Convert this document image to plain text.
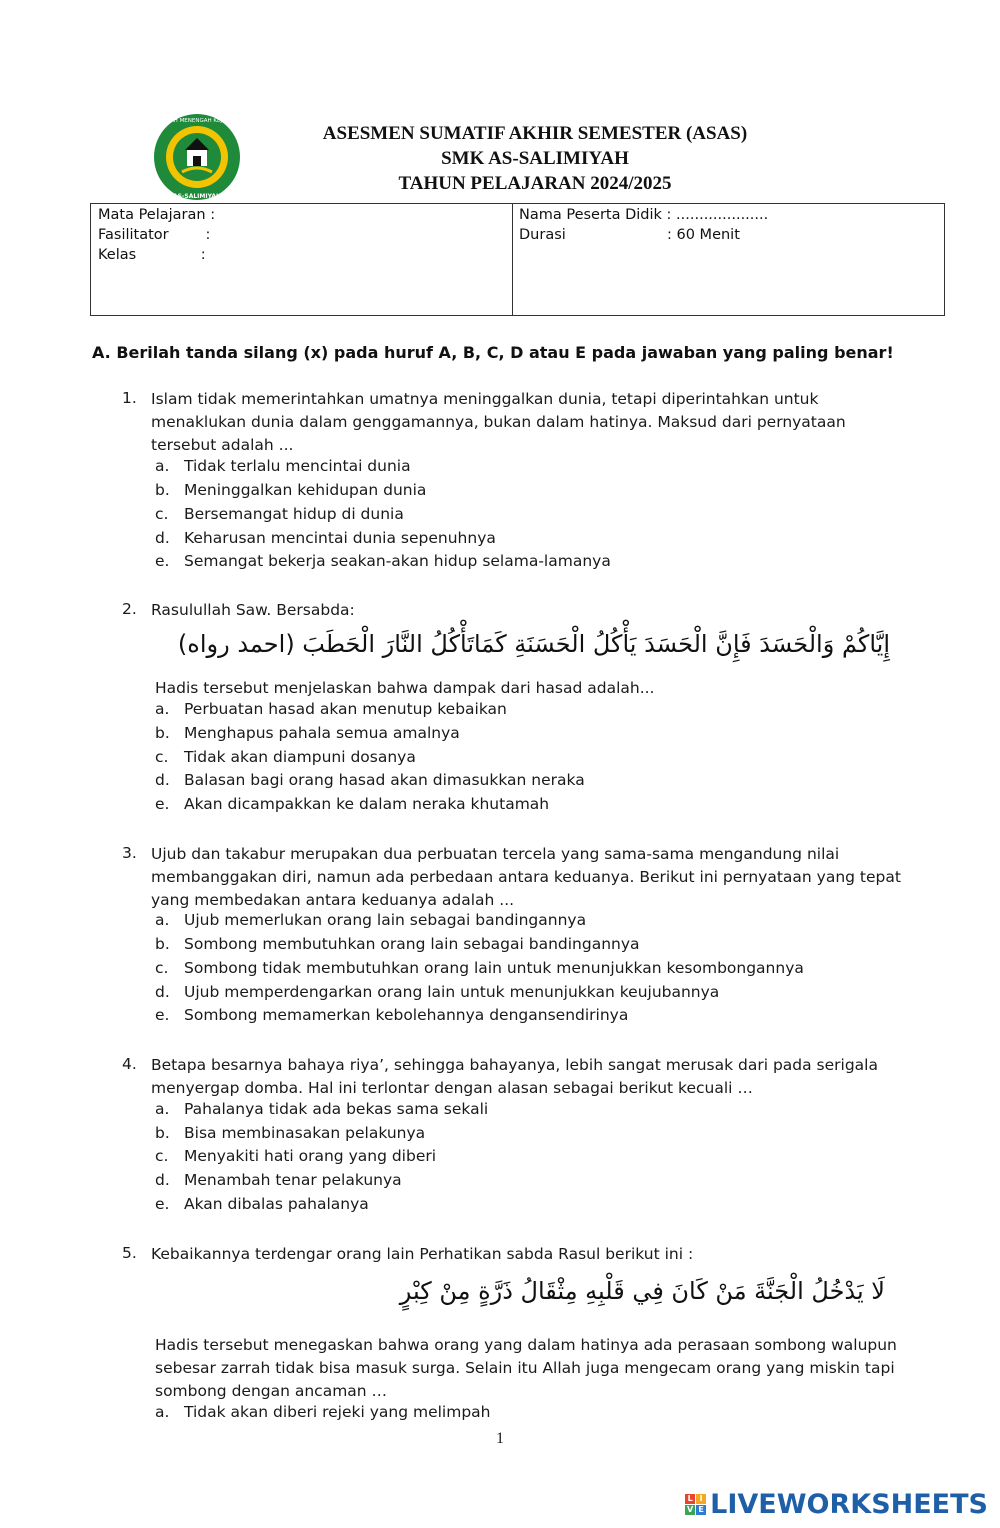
SEKOLAH MENENGAH KEJURUAN
AS-SALIMIYAH
ASESMEN SUMATIF AKHIR SEMESTER (ASAS)
SMK AS-SALIMIYAH
TAHUN PELAJARAN 2024/2025
Mata Pelajaran :
Fasilitator        :
Kelas              :
Nama Peserta Didik : ....................
Durasi	: 60 Menit
A. Berilah tanda silang (x) pada huruf A, B, C, D atau E pada jawaban yang paling benar!
1. Islam tidak memerintahkan umatnya meninggalkan dunia, tetapi diperintahkan untuk menaklukan dunia dalam genggamannya, bukan dalam hatinya. Maksud dari pernyataan tersebut adalah ...
a. Tidak terlalu mencintai dunia
b. Meninggalkan kehidupan dunia
c. Bersemangat hidup di dunia
d. Keharusan mencintai dunia sepenuhnya
e. Semangat bekerja seakan-akan hidup selama-lamanya
2. Rasulullah Saw. Bersabda:
إِيَّاكُمْ وَالْحَسَدَ فَإِنَّ الْحَسَدَ يَأْكُلُ الْحَسَنَةِ كَمَاتَأْكُلُ النَّارَ الْحَطَبَ (احمد رواه)
Hadis tersebut menjelaskan bahwa dampak dari hasad adalah...
a. Perbuatan hasad akan menutup kebaikan
b. Menghapus pahala semua amalnya
c. Tidak akan diampuni dosanya
d. Balasan bagi orang hasad akan dimasukkan neraka
e. Akan dicampakkan ke dalam neraka khutamah
3. Ujub dan takabur merupakan dua perbuatan tercela yang sama-sama mengandung nilai membanggakan diri, namun ada perbedaan antara keduanya. Berikut ini pernyataan yang tepat yang membedakan antara keduanya adalah ...
a. Ujub memerlukan orang lain sebagai bandingannya
b. Sombong membutuhkan orang lain sebagai bandingannya
c. Sombong tidak membutuhkan orang lain untuk menunjukkan kesombongannya
d. Ujub memperdengarkan orang lain untuk menunjukkan keujubannya
e. Sombong memamerkan kebolehannya dengansendirinya
4. Betapa besarnya bahaya riya’, sehingga bahayanya, lebih sangat merusak dari pada serigala menyergap domba. Hal ini terlontar dengan alasan sebagai berikut kecuali …
a. Pahalanya tidak ada bekas sama sekali
b. Bisa membinasakan pelakunya
c. Menyakiti hati orang yang diberi
d. Menambah tenar pelakunya
e. Akan dibalas pahalanya
5. Kebaikannya terdengar orang lain Perhatikan sabda Rasul berikut ini :
لَا يَدْخُلُ الْجَنَّةَ مَنْ كَانَ فِي قَلْبِهِ مِثْقَالُ ذَرَّةٍ مِنْ كِبْرٍ
Hadis tersebut menegaskan bahwa orang yang dalam hatinya ada perasaan sombong walupun sebesar zarrah tidak bisa masuk surga. Selain itu Allah juga mengecam orang yang miskin tapi sombong dengan ancaman …
a. Tidak akan diberi rejeki yang melimpah
1
L I
V E LIVEWORKSHEETS
